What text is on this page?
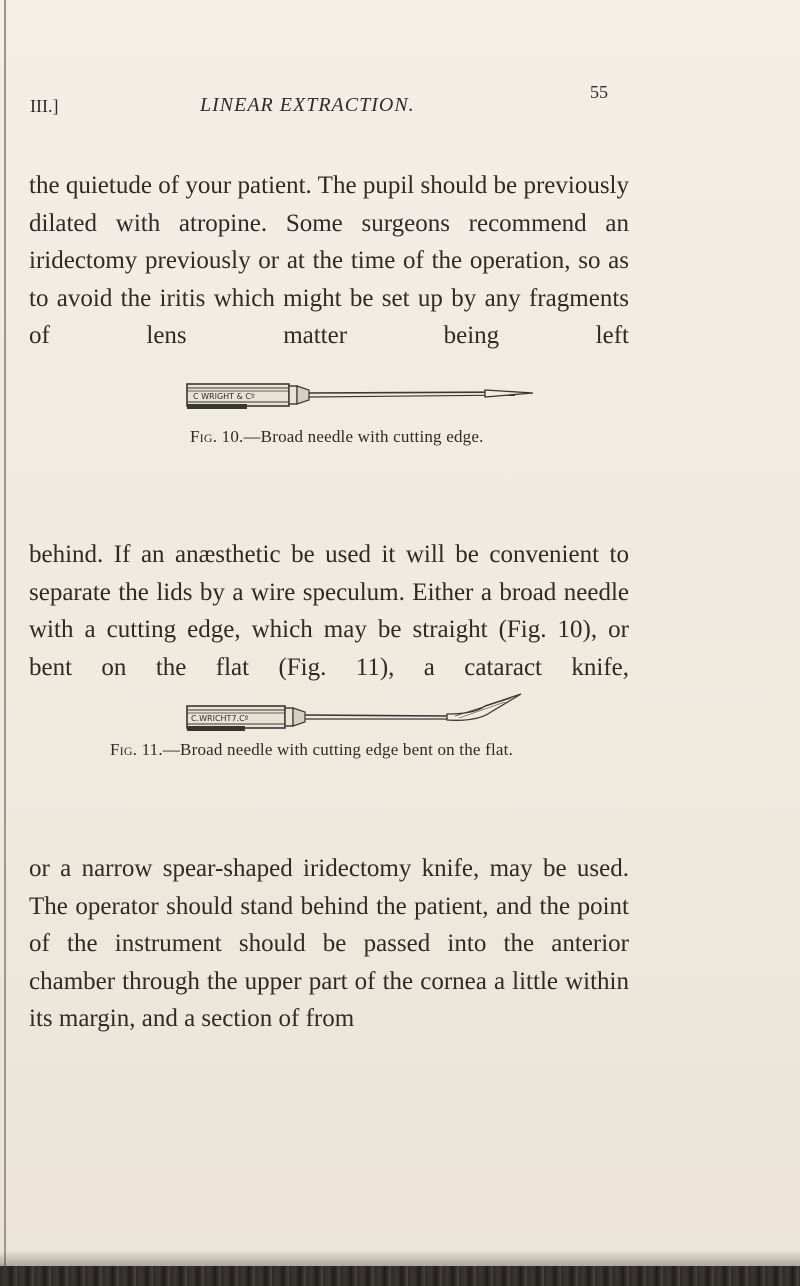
III.]	LINEAR EXTRACTION.
55

the quietude of your patient. The pupil should be previously dilated with atropine. Some surgeons recommend an iridectomy previously or at the time of the operation, so as to avoid the iritis which might be set up by any fragments of lens matter being left

C WRIGHT & Cº
Fig. 10.—Broad needle with cutting edge.

behind. If an anæsthetic be used it will be convenient to separate the lids by a wire speculum. Either a broad needle with a cutting edge, which may be straight (Fig. 10), or bent on the flat (Fig. 11), a cataract knife,

C.WRICHT7.Cº
Fig. 11.—Broad needle with cutting edge bent on the flat.

or a narrow spear-shaped iridectomy knife, may be used. The operator should stand behind the patient, and the point of the instrument should be passed into the anterior chamber through the upper part of the cornea a little within its margin, and a section of from
